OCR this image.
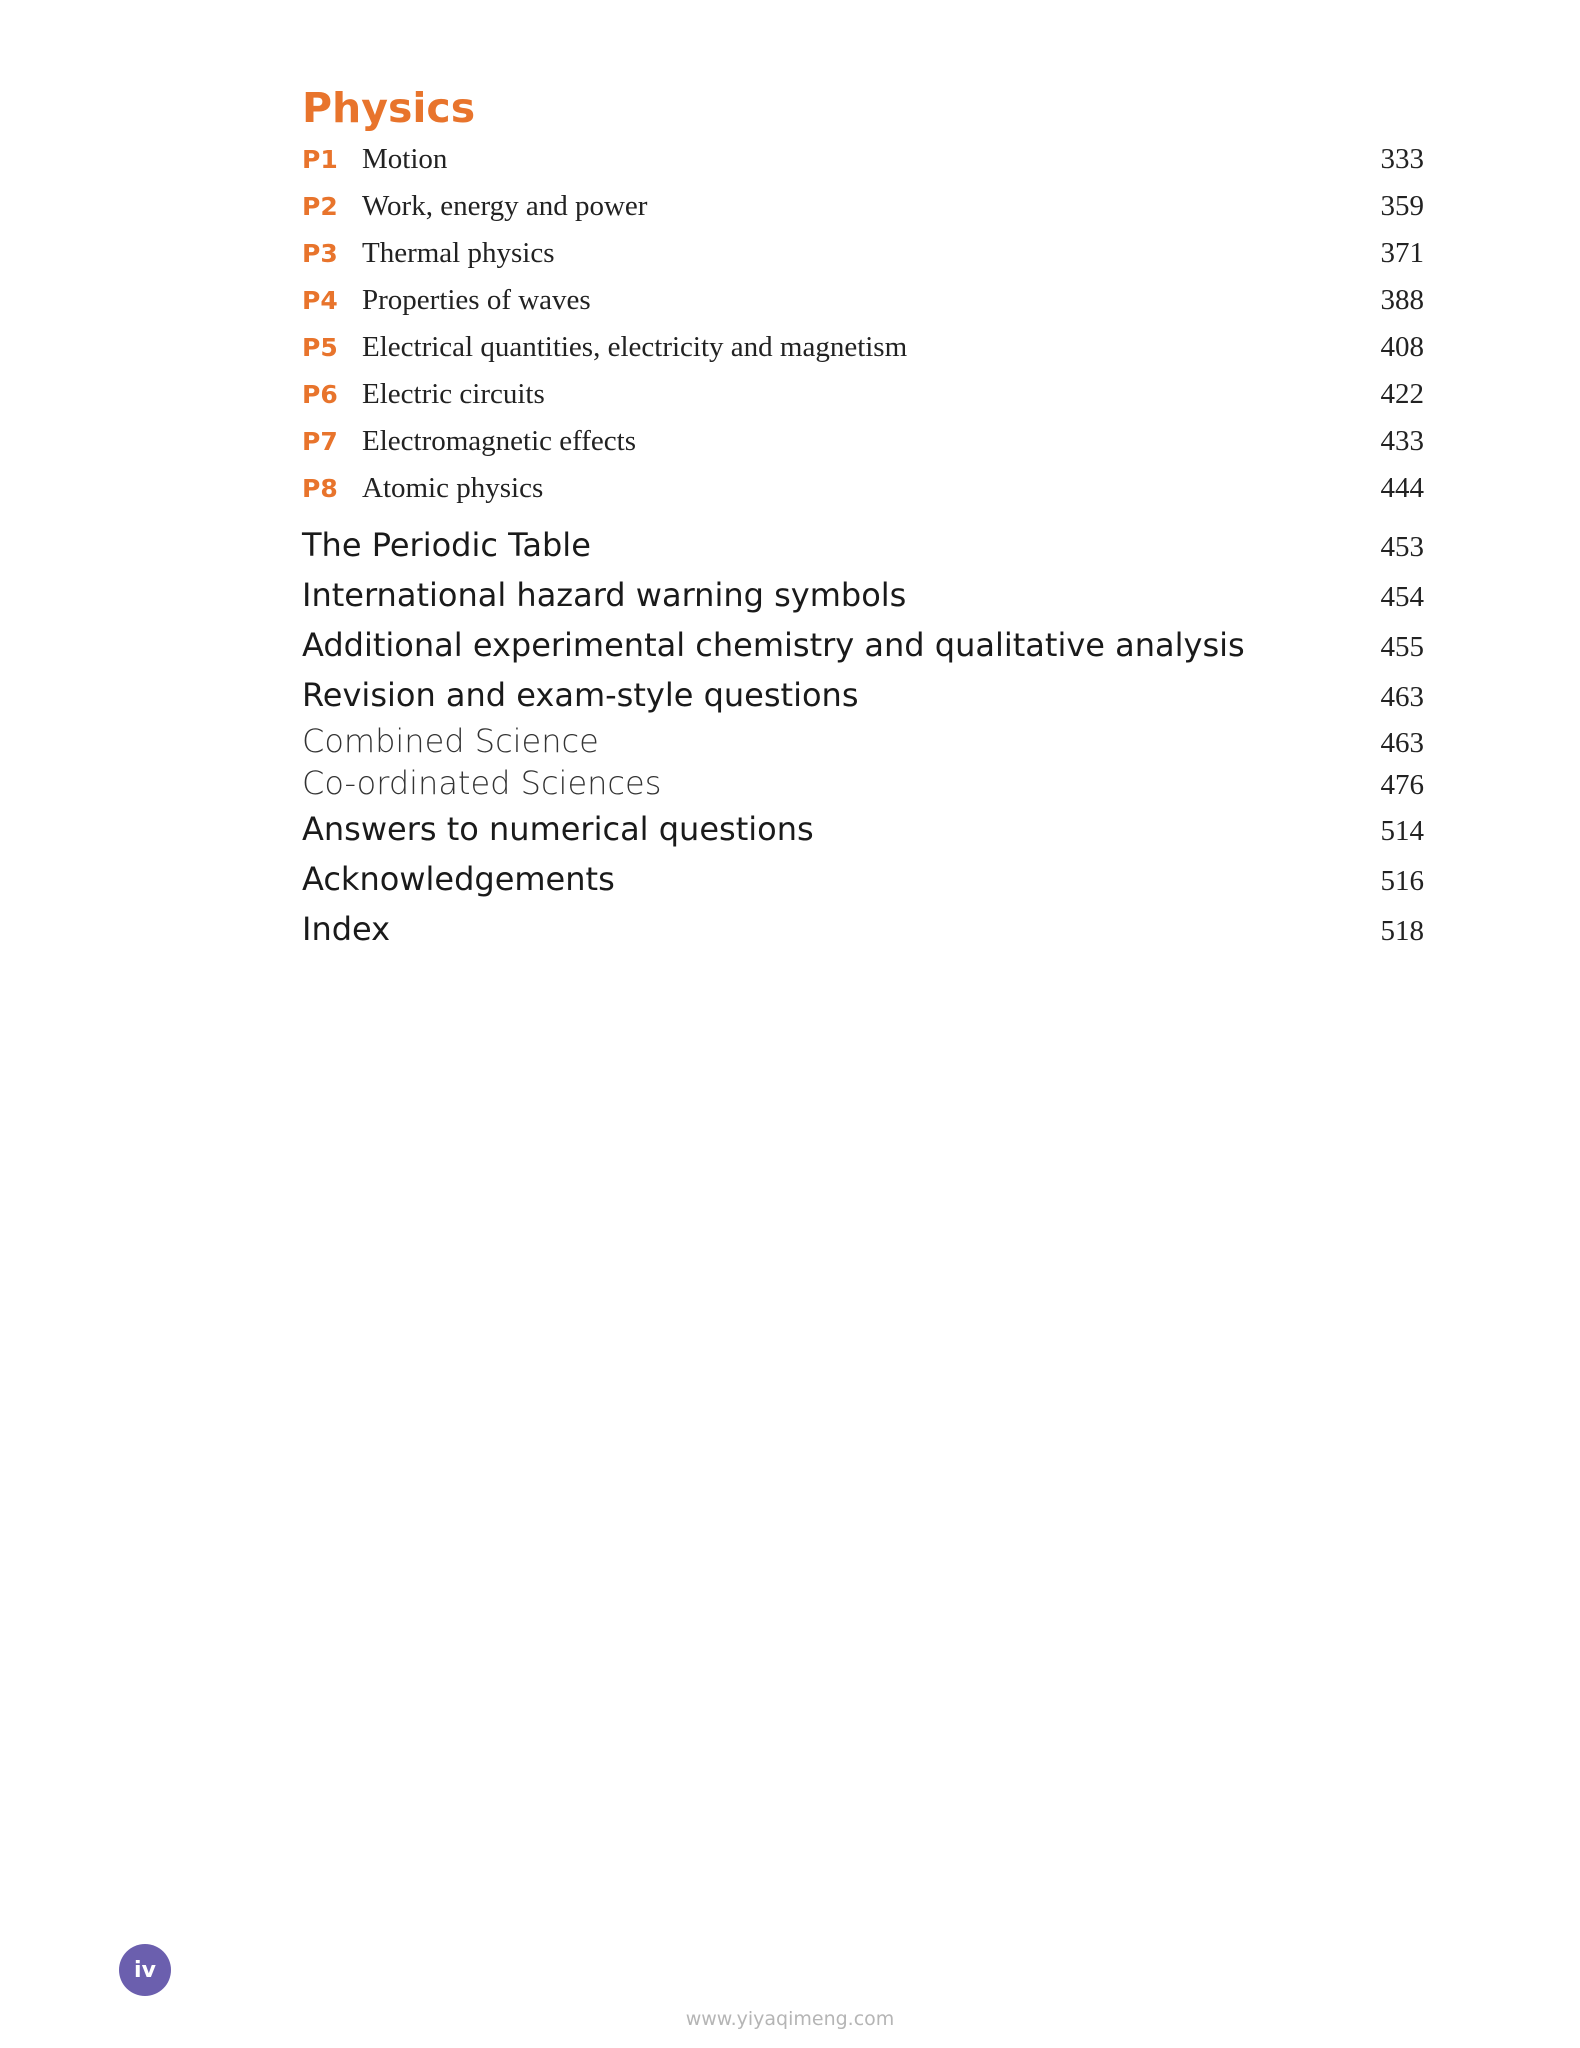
Physics
P1 Motion	333
P2 Work, energy and power	359
P3 Thermal physics	371
P4 Properties of waves	388
P5 Electrical quantities, electricity and magnetism	408
P6 Electric circuits	422
P7 Electromagnetic effects	433
P8 Atomic physics	444
The Periodic Table	453
International hazard warning symbols	454
Additional experimental chemistry and qualitative analysis	455
Revision and exam-style questions	463
Combined Science	463
Co-ordinated Sciences	476
Answers to numerical questions	514
Acknowledgements	516
Index	518
iv
www.yiyaqimeng.com
